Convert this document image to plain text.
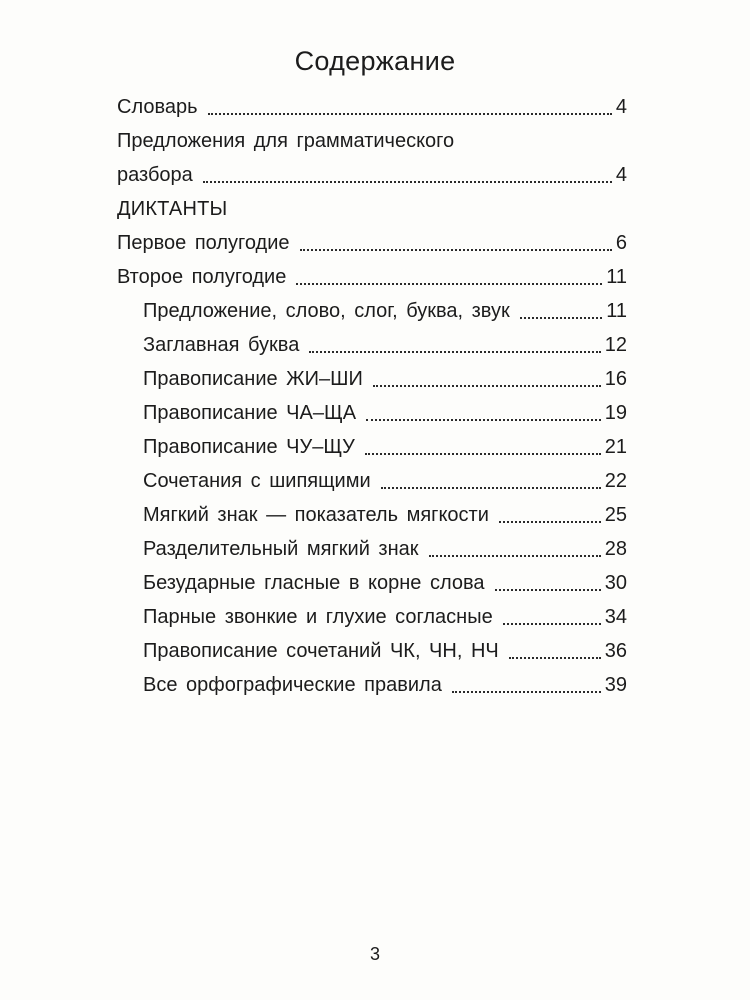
Содержание
Словарь	4
Предложения для грамматического
разбора	4
ДИКТАНТЫ
Первое полугодие	6
Второе полугодие	11
Предложение, слово, слог, буква, звук	11
Заглавная буква	12
Правописание ЖИ–ШИ	16
Правописание ЧА–ЩА	19
Правописание ЧУ–ЩУ	21
Сочетания с шипящими	22
Мягкий знак — показатель мягкости	25
Разделительный мягкий знак	28
Безударные гласные в корне слова	30
Парные звонкие и глухие согласные	34
Правописание сочетаний ЧК, ЧН, НЧ	36
Все орфографические правила	39
3
